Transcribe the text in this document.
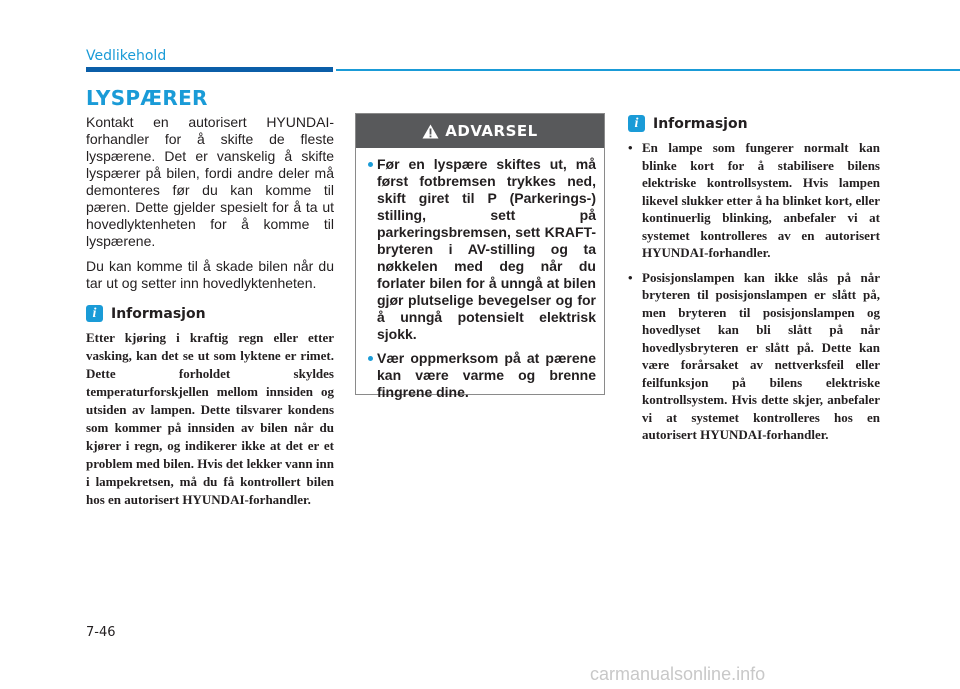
Vedlikehold
LYSPÆRER

Kontakt en autorisert HYUNDAI-forhandler for å skifte de fleste lyspærene. Det er vanskelig å skifte lyspærer på bilen, fordi andre deler må demonteres før du kan komme til pæren. Dette gjelder spesielt for å ta ut hovedlyktenheten for å komme til lyspærene.

Du kan komme til å skade bilen når du tar ut og setter inn hovedlyktenheten.

i	Informasjon

Etter kjøring i kraftig regn eller etter vasking, kan det se ut som lyktene er rimet. Dette forholdet skyldes temperaturforskjellen mellom innsiden og utsiden av lampen. Dette tilsvarer kondens som kommer på innsiden av bilen når du kjører i regn, og indikerer ikke at det er et problem med bilen. Hvis det lekker vann inn i lampekretsen, må du få kontrollert bilen hos en autorisert HYUNDAI-forhandler.

ADVARSEL
Før en lyspære skiftes ut, må først fotbremsen trykkes ned, skift giret til P (Parkerings-) stilling, sett på parkeringsbremsen, sett KRAFT-bryteren i AV-stilling og ta nøkkelen med deg når du forlater bilen for å unngå at bilen gjør plutselige bevegelser og for å unngå potensielt elektrisk sjokk.
Vær oppmerksom på at pærene kan være varme og brenne fingrene dine.
i	Informasjon
• En lampe som fungerer normalt kan blinke kort for å stabilisere bilens elektriske kontrollsystem. Hvis lampen likevel slukker etter å ha blinket kort, eller kontinuerlig blinking, anbefaler vi at systemet kontrolleres av en autorisert HYUNDAI-forhandler.
• Posisjonslampen kan ikke slås på når bryteren til posisjonslampen er slått på, men bryteren til posisjonslampen og hovedlyset kan bli slått på når hovedlysbryteren er slått på. Dette kan være forårsaket av nettverksfeil eller feilfunksjon på bilens elektriske kontrollsystem. Hvis dette skjer, anbefaler vi at systemet kontrolleres hos en autorisert HYUNDAI-forhandler.
7-46
carmanualsonline.info
